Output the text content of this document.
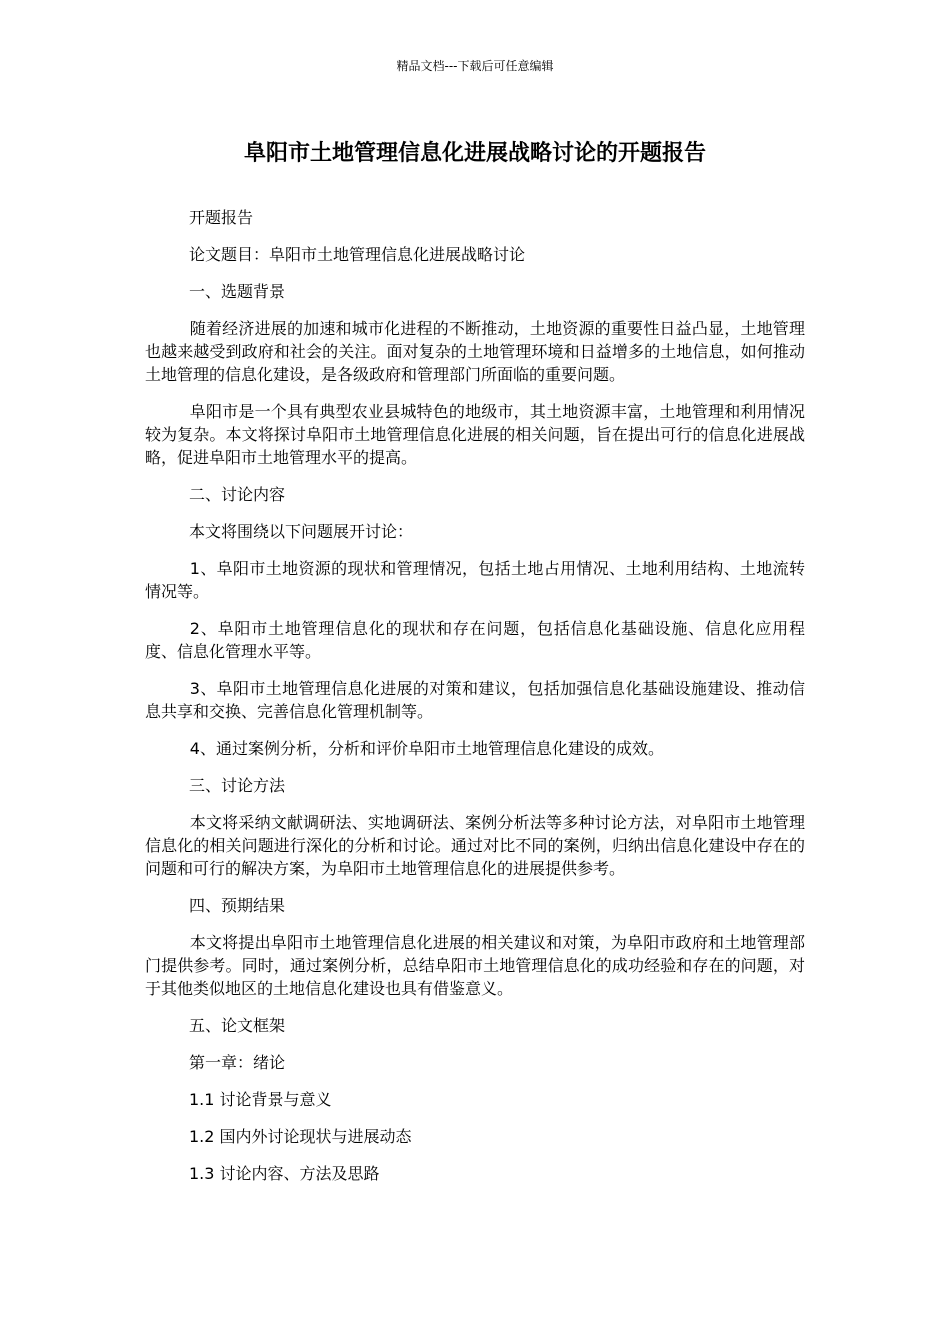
精品文档---下载后可任意编辑
阜阳市土地管理信息化进展战略讨论的开题报告

开题报告

论文题目：阜阳市土地管理信息化进展战略讨论

一、选题背景

随着经济进展的加速和城市化进程的不断推动，土地资源的重要性日益凸显，土地管理也越来越受到政府和社会的关注。面对复杂的土地管理环境和日益增多的土地信息，如何推动土地管理的信息化建设，是各级政府和管理部门所面临的重要问题。

阜阳市是一个具有典型农业县城特色的地级市，其土地资源丰富，土地管理和利用情况较为复杂。本文将探讨阜阳市土地管理信息化进展的相关问题，旨在提出可行的信息化进展战略，促进阜阳市土地管理水平的提高。

二、讨论内容

本文将围绕以下问题展开讨论：

1、阜阳市土地资源的现状和管理情况，包括土地占用情况、土地利用结构、土地流转情况等。

2、阜阳市土地管理信息化的现状和存在问题，包括信息化基础设施、信息化应用程度、信息化管理水平等。

3、阜阳市土地管理信息化进展的对策和建议，包括加强信息化基础设施建设、推动信息共享和交换、完善信息化管理机制等。

4、通过案例分析，分析和评价阜阳市土地管理信息化建设的成效。

三、讨论方法

本文将采纳文献调研法、实地调研法、案例分析法等多种讨论方法，对阜阳市土地管理信息化的相关问题进行深化的分析和讨论。通过对比不同的案例，归纳出信息化建设中存在的问题和可行的解决方案，为阜阳市土地管理信息化的进展提供参考。

四、预期结果

本文将提出阜阳市土地管理信息化进展的相关建议和对策，为阜阳市政府和土地管理部门提供参考。同时，通过案例分析，总结阜阳市土地管理信息化的成功经验和存在的问题，对于其他类似地区的土地信息化建设也具有借鉴意义。

五、论文框架

第一章：绪论

1.1 讨论背景与意义

1.2 国内外讨论现状与进展动态

1.3 讨论内容、方法及思路
